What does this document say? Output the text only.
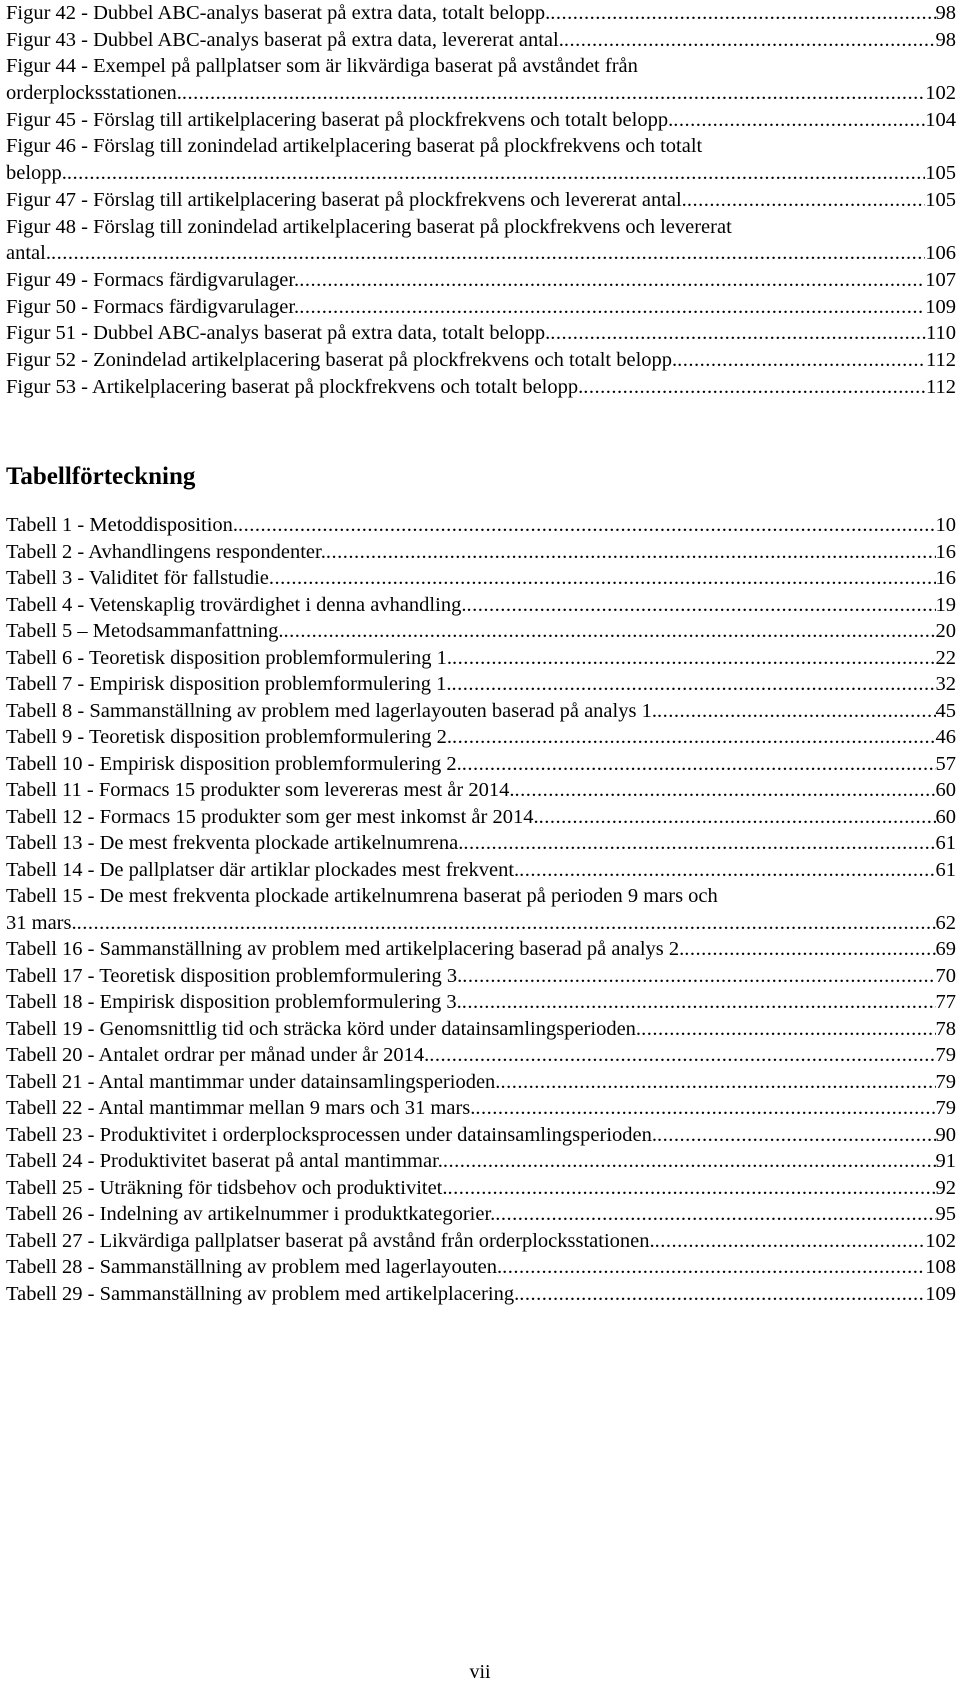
Figur 42 - Dubbel ABC-analys baserat på extra data, totalt belopp. .....	98
Figur 43 - Dubbel ABC-analys baserat på extra data, levererat antal. .....	98
Figur 44 - Exempel på pallplatser som är likvärdiga baserat på avståndet från
orderplocksstationen. .....	102
Figur 45 - Förslag till artikelplacering baserat på plockfrekvens och totalt belopp. .....	104
Figur 46 - Förslag till zonindelad artikelplacering baserat på plockfrekvens och totalt
belopp. .....	105
Figur 47 - Förslag till artikelplacering baserat på plockfrekvens och levererat antal. .....	105
Figur 48 - Förslag till zonindelad artikelplacering baserat på plockfrekvens och levererat
antal. .....	106
Figur 49 - Formacs färdigvarulager. .....	107
Figur 50 - Formacs färdigvarulager. .....	109
Figur 51 - Dubbel ABC-analys baserat på extra data, totalt belopp. .....	110
Figur 52 - Zonindelad artikelplacering baserat på plockfrekvens och totalt belopp. .....	112
Figur 53 - Artikelplacering baserat på plockfrekvens och totalt belopp. .....	112
Tabellförteckning
Tabell 1 - Metoddisposition. .....	10
Tabell 2 - Avhandlingens respondenter. .....	16
Tabell 3 - Validitet för fallstudie .....	16
Tabell 4 - Vetenskaplig trovärdighet i denna avhandling. .....	19
Tabell 5 – Metodsammanfattning. .....	20
Tabell 6 - Teoretisk disposition problemformulering 1. .....	22
Tabell 7 - Empirisk disposition problemformulering 1. .....	32
Tabell 8 - Sammanställning av problem med lagerlayouten baserad på analys 1. .....	45
Tabell 9 - Teoretisk disposition problemformulering 2. .....	46
Tabell 10 - Empirisk disposition problemformulering 2. .....	57
Tabell 11 - Formacs 15 produkter som levereras mest år 2014. .....	60
Tabell 12 - Formacs 15 produkter som ger mest inkomst år 2014. .....	60
Tabell 13 - De mest frekventa plockade artikelnumrena. .....	61
Tabell 14 - De pallplatser där artiklar plockades mest frekvent. .....	61
Tabell 15 - De mest frekventa plockade artikelnumrena baserat på perioden 9 mars och
31 mars. .....	62
Tabell 16 - Sammanställning av problem med artikelplacering baserad på analys 2. .....	69
Tabell 17 - Teoretisk disposition problemformulering 3. .....	70
Tabell 18 - Empirisk disposition problemformulering 3. .....	77
Tabell 19 - Genomsnittlig tid och sträcka körd under datainsamlingsperioden. .....	78
Tabell 20 - Antalet ordrar per månad under år 2014. .....	79
Tabell 21 - Antal mantimmar under datainsamlingsperioden. .....	79
Tabell 22 - Antal mantimmar mellan 9 mars och 31 mars. .....	79
Tabell 23 - Produktivitet i orderplocksprocessen under datainsamlingsperioden. .....	90
Tabell 24 - Produktivitet baserat på antal mantimmar. .....	91
Tabell 25 - Uträkning för tidsbehov och produktivitet. .....	92
Tabell 26 - Indelning av artikelnummer i produktkategorier. .....	95
Tabell 27 - Likvärdiga pallplatser baserat på avstånd från orderplocksstationen. .....	102
Tabell 28 - Sammanställning av problem med lagerlayouten. .....	108
Tabell 29 - Sammanställning av problem med artikelplacering. .....	109
vii
